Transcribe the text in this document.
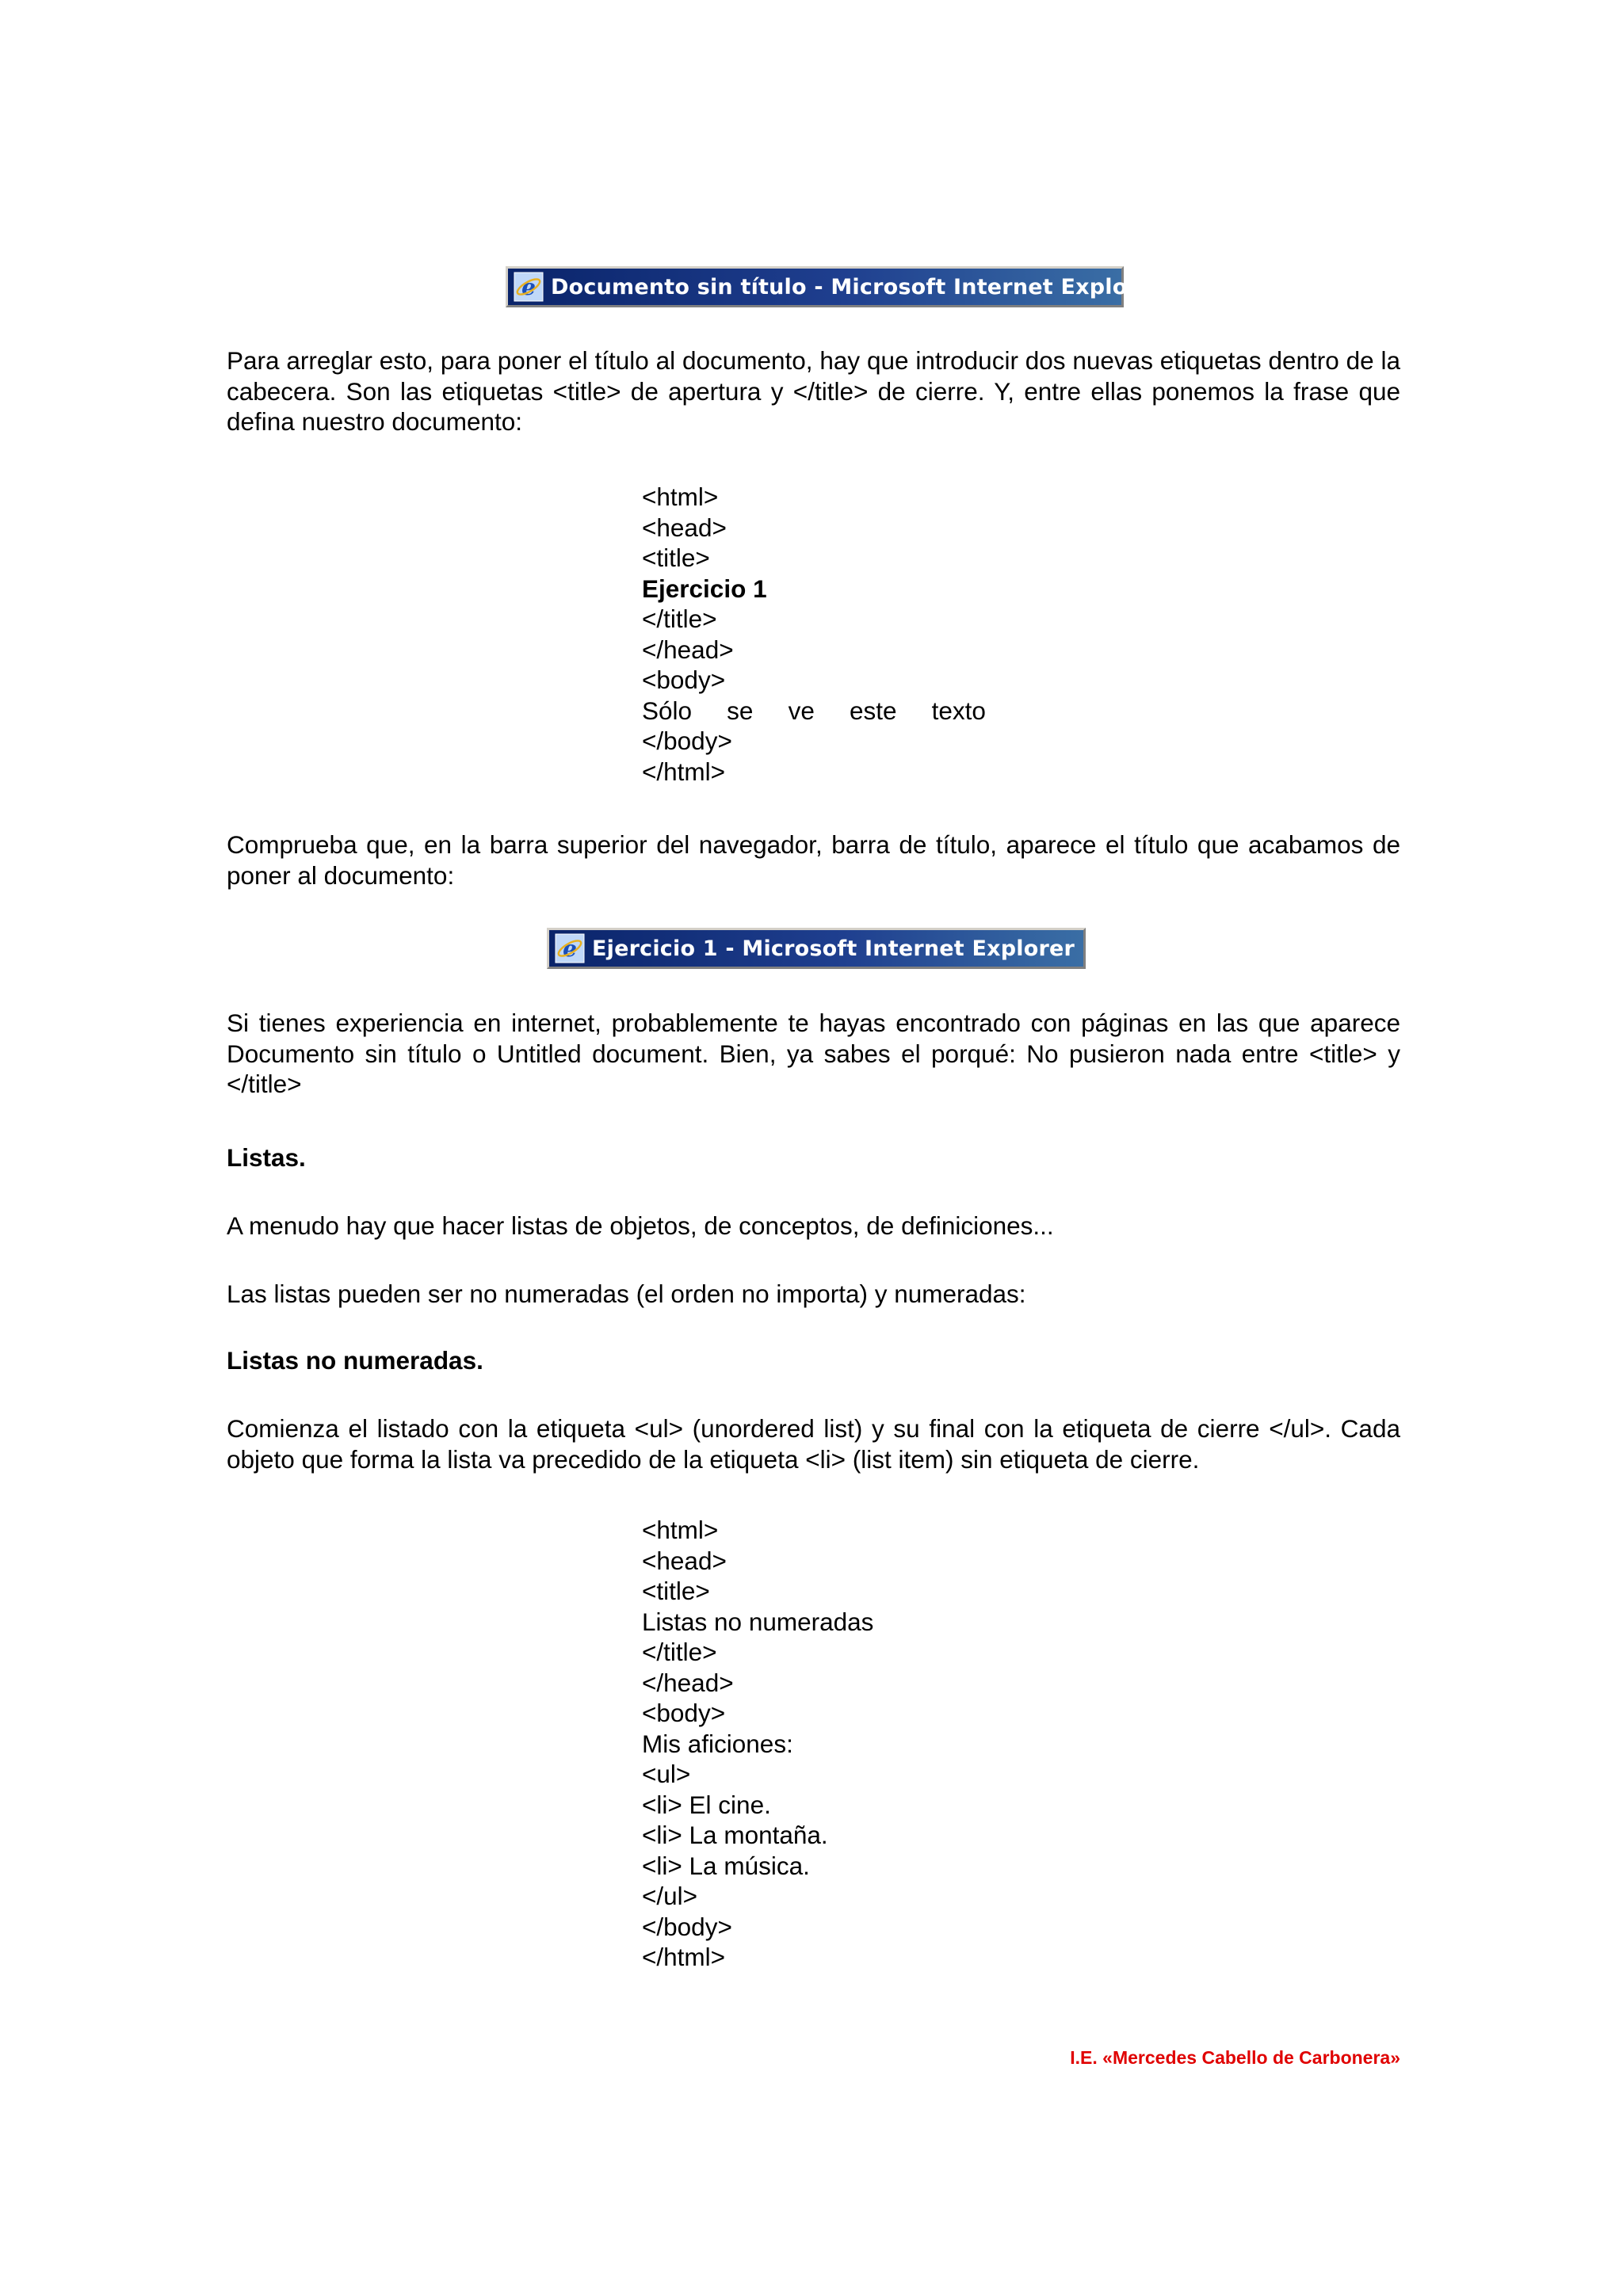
e Documento sin título - Microsoft Internet Explorer

Para arreglar esto, para poner el título al documento, hay que introducir dos nuevas etiquetas dentro de la cabecera. Son las etiquetas <title> de apertura y </title> de cierre. Y, entre ellas ponemos la frase que defina nuestro documento:

<html>
<head>
<title>
Ejercicio 1
</title>
</head>
<body>
Sólo se ve este texto
</body>
</html>

Comprueba que, en la barra superior del navegador, barra de título, aparece el título que acabamos de poner al documento:

e Ejercicio 1 - Microsoft Internet Explorer

Si tienes experiencia en internet, probablemente te hayas encontrado con páginas en las que aparece Documento sin título o Untitled document. Bien, ya sabes el porqué: No pusieron nada entre <title> y </title>

Listas.

A menudo hay que hacer listas de objetos, de conceptos, de definiciones...

Las listas pueden ser no numeradas (el orden no importa) y numeradas:

Listas no numeradas.

Comienza el listado con la etiqueta <ul> (unordered list) y su final con la etiqueta de cierre </ul>. Cada objeto que forma la lista va precedido de la etiqueta <li> (list item) sin etiqueta de cierre.

<html>
<head>
<title>
Listas no numeradas
</title>
</head>
<body>
Mis aficiones:
<ul>
<li> El cine.
<li> La montaña.
<li> La música.
</ul>
</body>
</html>
I.E. «Mercedes Cabello de Carbonera»
